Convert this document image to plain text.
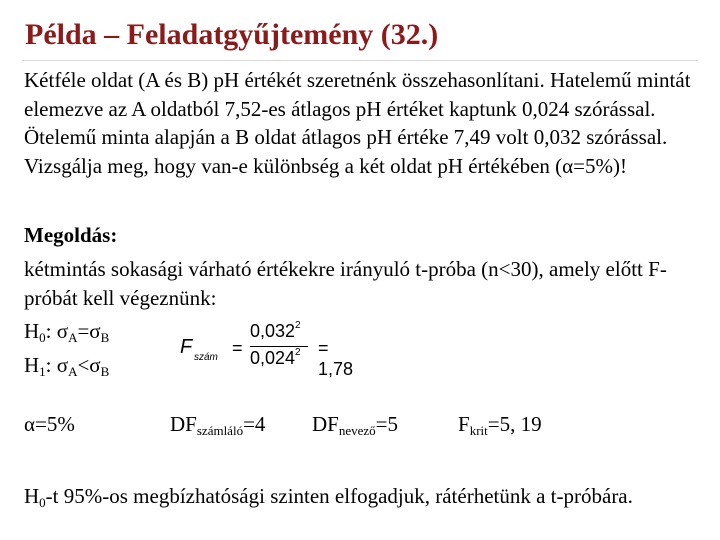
Példa – Feladatgyűjtemény (32.)
Kétféle oldat (A és B) pH értékét szeretnénk összehasonlítani. Hatelemű mintát elemezve az A oldatból 7,52-es átlagos pH értéket kaptunk 0,024 szórással. Ötelemű minta alapján a B oldat átlagos pH értéke 7,49 volt 0,032 szórással. Vizsgálja meg, hogy van-e különbség a két oldat pH értékében (α=5%)!
Megoldás:
kétmintás sokasági várható értékekre irányuló t-próba (n<30), amely előtt F-próbát kell végeznünk:
$H_0$: $\sigma_A=\sigma_B$
$H_1$: $\sigma_A<\sigma_B$
F szám =
$0,032^2$
$0,024^2 = 1,78$
α=5%	$DF_{számláló}=4$ $DF_{nevező}=5$	$F_{krit}=5$, 19
$H_0-t$ 95%-os megbízhatósági szinten elfogadjuk, rátérhetünk a t-próbára.
